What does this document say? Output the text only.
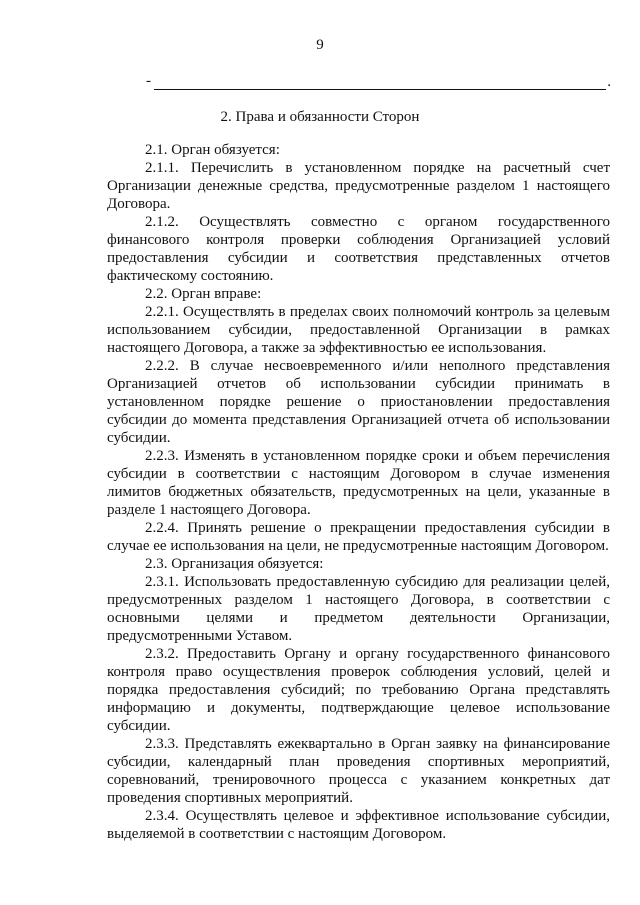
9
-	.
2. Права и обязанности Сторон

2.1. Орган обязуется:

2.1.1. Перечислить в установленном порядке на расчетный счет Организации денежные средства, предусмотренные разделом 1 настоящего Договора.

2.1.2. Осуществлять совместно с органом государственного финансового контроля проверки соблюдения Организацией условий предоставления субсидии и соответствия представленных отчетов фактическому состоянию.

2.2. Орган вправе:

2.2.1. Осуществлять в пределах своих полномочий контроль за целевым использованием субсидии, предоставленной Организации в рамках настоящего Договора, а также за эффективностью ее использования.

2.2.2. В случае несвоевременного и/или неполного представления Организацией отчетов об использовании субсидии принимать в установленном порядке решение о приостановлении предоставления субсидии до момента представления Организацией отчета об использовании субсидии.

2.2.3. Изменять в установленном порядке сроки и объем перечисления субсидии в соответствии с настоящим Договором в случае изменения лимитов бюджетных обязательств, предусмотренных на цели, указанные в разделе 1 настоящего Договора.

2.2.4. Принять решение о прекращении предоставления субсидии в случае ее использования на цели, не предусмотренные настоящим Договором.

2.3. Организация обязуется:

2.3.1. Использовать предоставленную субсидию для реализации целей, предусмотренных разделом 1 настоящего Договора, в соответствии с основными целями и предметом деятельности Организации, предусмотренными Уставом.

2.3.2. Предоставить Органу и органу государственного финансового контроля право осуществления проверок соблюдения условий, целей и порядка предоставления субсидий; по требованию Органа представлять информацию и документы, подтверждающие целевое использование субсидии.

2.3.3. Представлять ежеквартально в Орган заявку на финансирование субсидии, календарный план проведения спортивных мероприятий, соревнований, тренировочного процесса с указанием конкретных дат проведения спортивных мероприятий.

2.3.4. Осуществлять целевое и эффективное использование субсидии, выделяемой в соответствии с настоящим Договором.
